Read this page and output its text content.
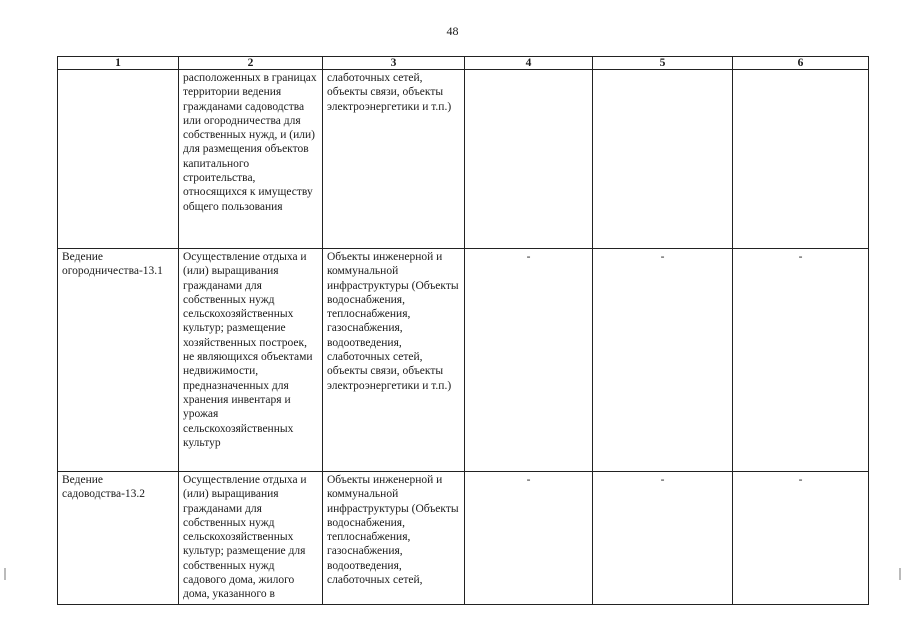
48
1	2	3	4	5	6
	расположенных в границах территории ведения гражданами садоводства или огородничества для собственных нужд, и (или) для размещения объектов капитального строительства, относящихся к имуществу общего пользования	слаботочных сетей, объекты связи, объекты электроэнергетики и т.п.)			
Ведение огородничества-13.1	Осуществление отдыха и (или) выращивания гражданами для собственных нужд сельскохозяйственных культур; размещение хозяйственных построек, не являющихся объектами недвижимости, предназначенных для хранения инвентаря и урожая сельскохозяйственных культур	Объекты инженерной и коммунальной инфраструктуры (Объекты водоснабжения, теплоснабжения, газоснабжения, водоотведения, слаботочных сетей, объекты связи, объекты электроэнергетики и т.п.)	-	-	-
Ведение садоводства-13.2	Осуществление отдыха и (или) выращивания гражданами для собственных нужд сельскохозяйственных культур; размещение для собственных нужд садового дома, жилого дома, указанного в	Объекты инженерной и коммунальной инфраструктуры (Объекты водоснабжения, теплоснабжения, газоснабжения, водоотведения, слаботочных сетей,	-	-	-
